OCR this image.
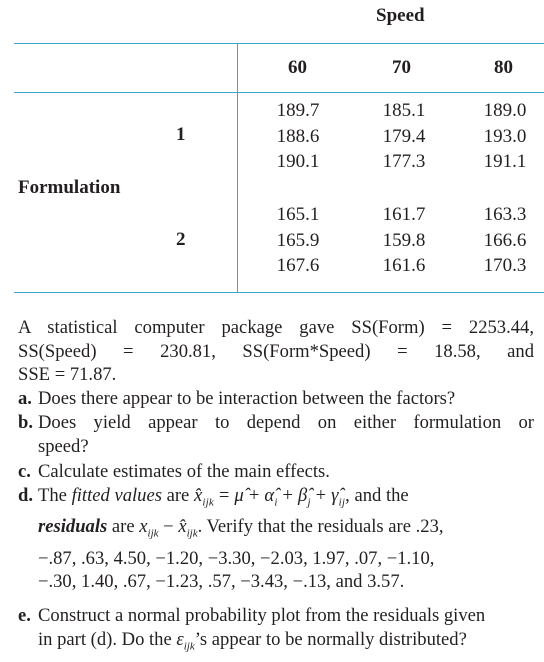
Speed
60	70	80
Formulation
1
2
189.7
188.6
190.1
185.1
179.4
177.3
189.0
193.0
191.1
165.1
165.9
167.6
161.7
159.8
161.6
163.3
166.6
170.3
A statistical computer package gave SS(Form) = 2253.44,
SS(Speed) = 230.81, SS(Form*Speed) = 18.58, and
SSE = 71.87.
a. Does there appear to be interaction between the factors?
b. Does yield appear to depend on either formulation or
speed?
c. Calculate estimates of the main effects.
d. The fitted values are $x̂_{ijk}$ = μ̂ + $\alphâ_i$ + $\betâ_j$ + $\gammâ_{ij}$, and the
residuals are $x_{ijk}$ − $x̂_{ijk}$. Verify that the residuals are .23,
−.87, .63, 4.50, −1.20, −3.30, −2.03, 1.97, .07, −1.10,
−.30, 1.40, .67, −1.23, .57, −3.43, −.13, and 3.57.
e. Construct a normal probability plot from the residuals given
in part (d). Do the $\varepsilon_{ijk}’s$ appear to be normally distributed?
